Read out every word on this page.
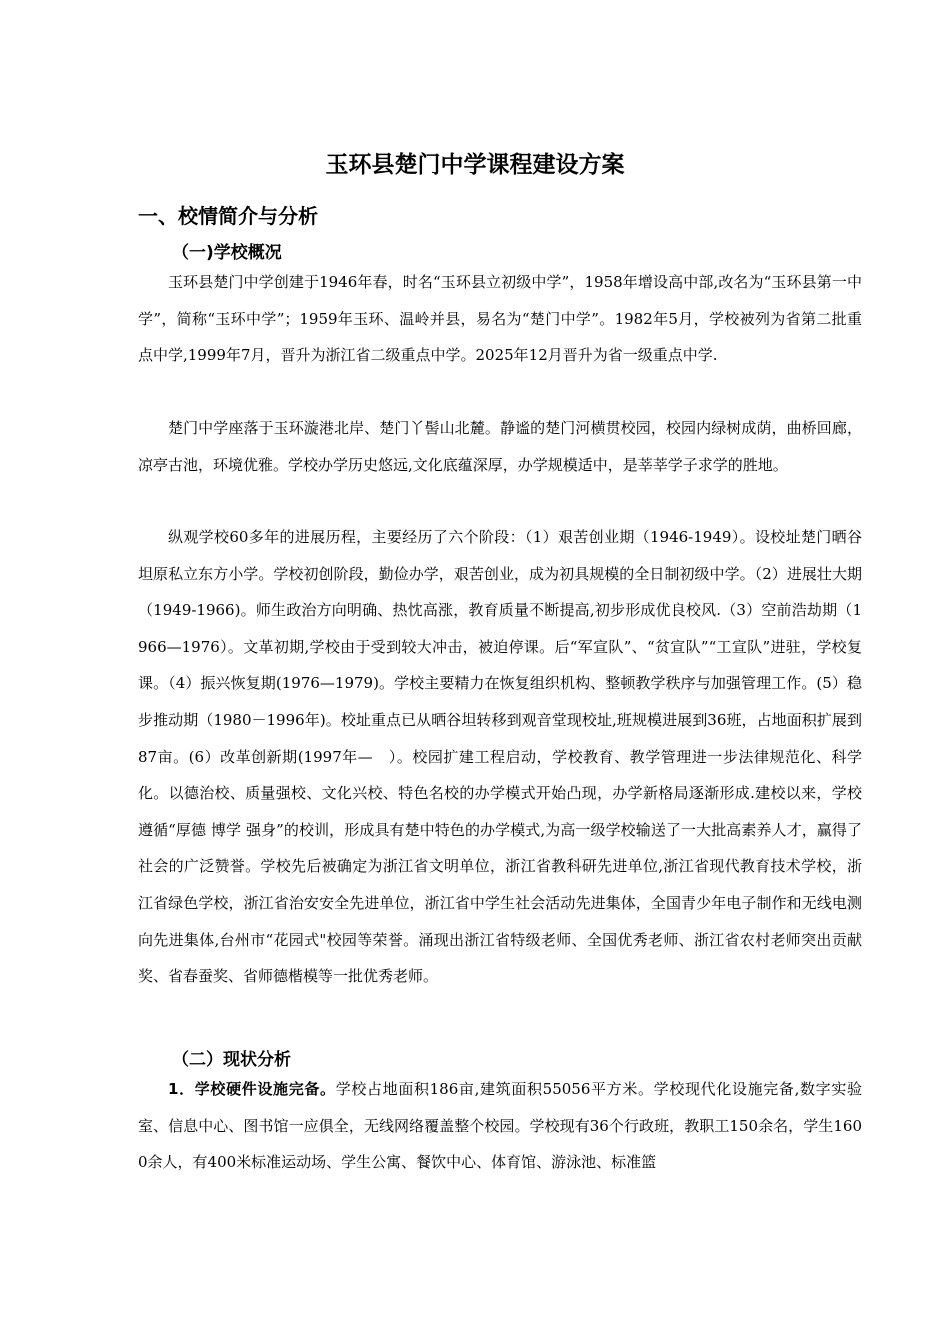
玉环县楚门中学课程建设方案
一、校情简介与分析
（一)学校概况

玉环县楚门中学创建于1946年春，时名“玉环县立初级中学”，1958年增设高中部,改名为“玉环县第一中学”，简称“玉环中学”；1959年玉环、温岭并县，易名为“楚门中学”。1982年5月，学校被列为省第二批重点中学,1999年7月，晋升为浙江省二级重点中学。2025年12月晋升为省一级重点中学.

楚门中学座落于玉环漩港北岸、楚门丫髻山北麓。静谧的楚门河横贯校园，校园内绿树成荫，曲桥回廊，凉亭古池，环境优雅。学校办学历史悠远,文化底蕴深厚，办学规模适中，是莘莘学子求学的胜地。

纵观学校60多年的进展历程，主要经历了六个阶段：（1）艰苦创业期（1946-1949）。设校址楚门晒谷坦原私立东方小学。学校初创阶段，勤俭办学，艰苦创业，成为初具规模的全日制初级中学。（2）进展壮大期（1949-1966)。师生政治方向明确、热忱高涨，教育质量不断提高,初步形成优良校风.（3）空前浩劫期（1966—1976）。文革初期,学校由于受到较大冲击，被迫停课。后“军宣队”、“贫宣队”“工宣队”进驻，学校复课。（4）振兴恢复期(1976—1979)。学校主要精力在恢复组织机构、整顿教学秩序与加强管理工作。(5）稳步推动期（1980－1996年)。校址重点已从晒谷坦转移到观音堂现校址,班规模进展到36班，占地面积扩展到87亩。(6）改革创新期(1997年—　）。校园扩建工程启动，学校教育、教学管理进一步法律规范化、科学化。以德治校、质量强校、文化兴校、特色名校的办学模式开始凸现，办学新格局逐渐形成.建校以来，学校遵循“厚德 博学 强身”的校训，形成具有楚中特色的办学模式,为高一级学校输送了一大批高素养人才，赢得了社会的广泛赞誉。学校先后被确定为浙江省文明单位，浙江省教科研先进单位,浙江省现代教育技术学校，浙江省绿色学校，浙江省治安安全先进单位，浙江省中学生社会活动先进集体，全国青少年电子制作和无线电测向先进集体,台州市“花园式"校园等荣誉。涌现出浙江省特级老师、全国优秀老师、浙江省农村老师突出贡献奖、省春蚕奖、省师德楷模等一批优秀老师。

（二）现状分析

1．学校硬件设施完备。学校占地面积186亩,建筑面积55056平方米。学校现代化设施完备,数字实验室、信息中心、图书馆一应俱全，无线网络覆盖整个校园。学校现有36个行政班，教职工150余名，学生1600余人，有400米标准运动场、学生公寓、餐饮中心、体育馆、游泳池、标准篮
